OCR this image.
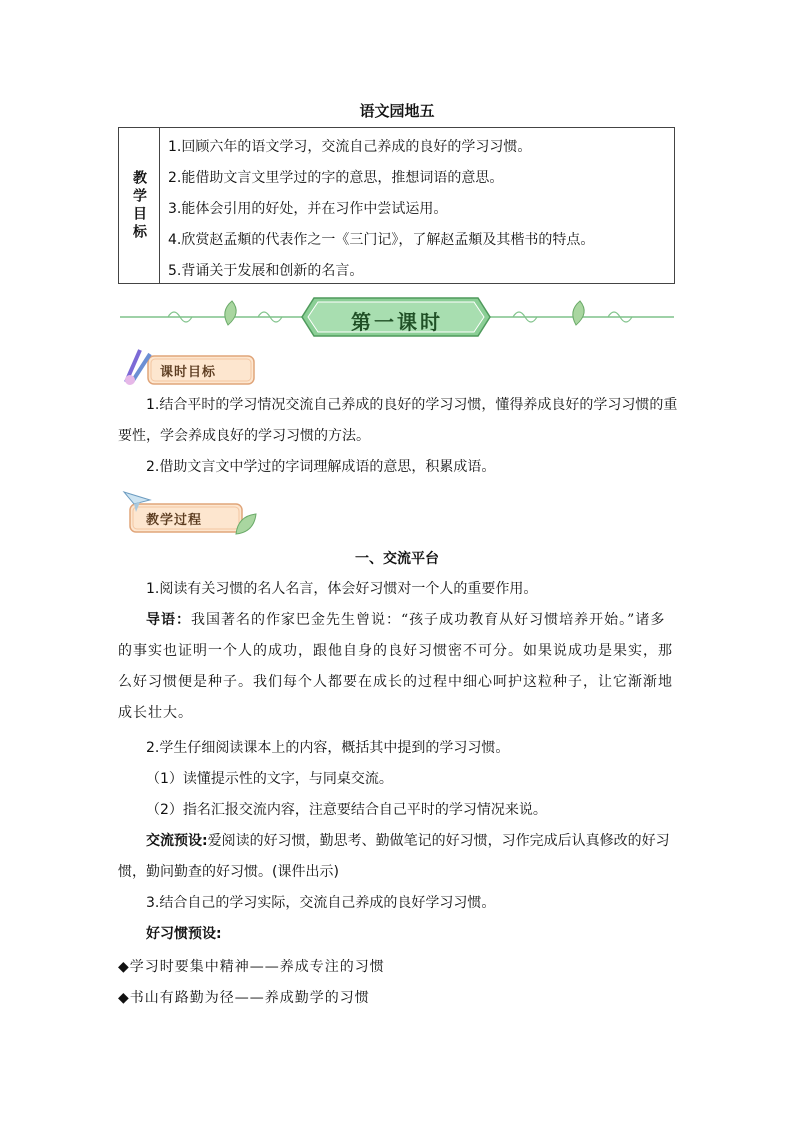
语文园地五
教学目标
1.回顾六年的语文学习，交流自己养成的良好的学习习惯。
2.能借助文言文里学过的字的意思，推想词语的意思。
3.能体会引用的好处，并在习作中尝试运用。
4.欣赏赵孟頫的代表作之一《三门记》，了解赵孟頫及其楷书的特点。
5.背诵关于发展和创新的名言。
第一课时
课时目标

1.结合平时的学习情况交流自己养成的良好的学习习惯，懂得养成良好的学习习惯的重要性，学会养成良好的学习习惯的方法。

2.借助文言文中学过的字词理解成语的意思，积累成语。

教学过程
一、交流平台

1.阅读有关习惯的名人名言，体会好习惯对一个人的重要作用。

导语：我国著名的作家巴金先生曾说：“孩子成功教育从好习惯培养开始。”诸多的事实也证明一个人的成功，跟他自身的良好习惯密不可分。如果说成功是果实，那么好习惯便是种子。我们每个人都要在成长的过程中细心呵护这粒种子，让它渐渐地成长壮大。

2.学生仔细阅读课本上的内容，概括其中提到的学习习惯。

（1）读懂提示性的文字，与同桌交流。

（2）指名汇报交流内容，注意要结合自己平时的学习情况来说。

交流预设:爱阅读的好习惯，勤思考、勤做笔记的好习惯，习作完成后认真修改的好习惯，勤问勤查的好习惯。(课件出示)

3.结合自己的学习实际，交流自己养成的良好学习习惯。

好习惯预设:

◆学习时要集中精神——养成专注的习惯

◆书山有路勤为径——养成勤学的习惯
